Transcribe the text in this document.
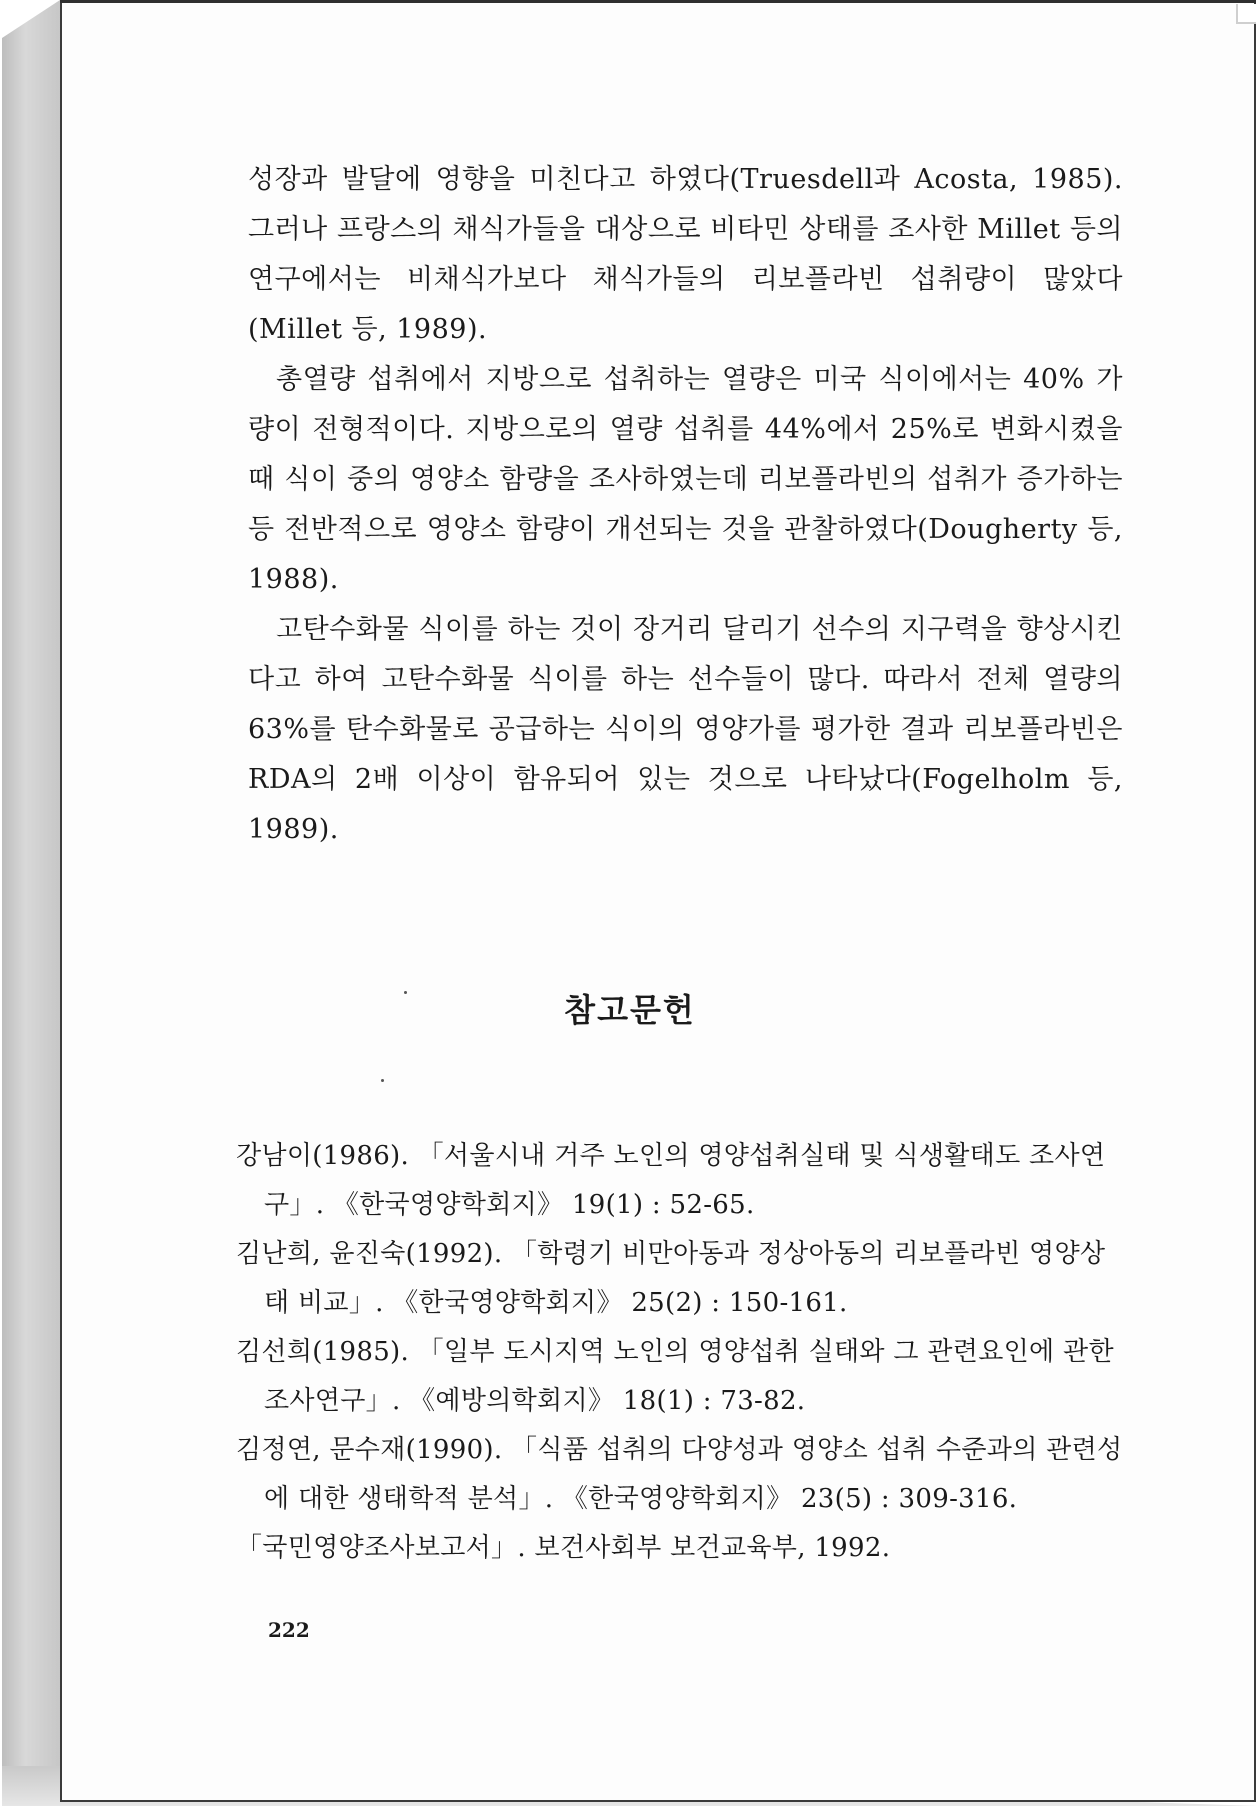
성장과 발달에 영향을 미친다고 하였다(Truesdell과 Acosta, 1985). 그러나 프랑스의 채식가들을 대상으로 비타민 상태를 조사한 Millet 등의 연구에서는 비채식가보다 채식가들의 리보플라빈 섭취량이 많았다(Millet 등, 1989).

총열량 섭취에서 지방으로 섭취하는 열량은 미국 식이에서는 40% 가량이 전형적이다. 지방으로의 열량 섭취를 44%에서 25%로 변화시켰을 때 식이 중의 영양소 함량을 조사하였는데 리보플라빈의 섭취가 증가하는 등 전반적으로 영양소 함량이 개선되는 것을 관찰하였다(Dougherty 등, 1988).

고탄수화물 식이를 하는 것이 장거리 달리기 선수의 지구력을 향상시킨다고 하여 고탄수화물 식이를 하는 선수들이 많다. 따라서 전체 열량의 63%를 탄수화물로 공급하는 식이의 영양가를 평가한 결과 리보플라빈은 RDA의 2배 이상이 함유되어 있는 것으로 나타났다(Fogelholm 등, 1989).

참고문헌

강남이(1986). 「서울시내 거주 노인의 영양섭취실태 및 식생활태도 조사연구」. 《한국영양학회지》 19(1) : 52-65.

김난희, 윤진숙(1992). 「학령기 비만아동과 정상아동의 리보플라빈 영양상태 비교」. 《한국영양학회지》 25(2) : 150-161.

김선희(1985). 「일부 도시지역 노인의 영양섭취 실태와 그 관련요인에 관한 조사연구」. 《예방의학회지》 18(1) : 73-82.

김정연, 문수재(1990). 「식품 섭취의 다양성과 영양소 섭취 수준과의 관련성에 대한 생태학적 분석」. 《한국영양학회지》 23(5) : 309-316.

「국민영양조사보고서」. 보건사회부 보건교육부, 1992.

222
